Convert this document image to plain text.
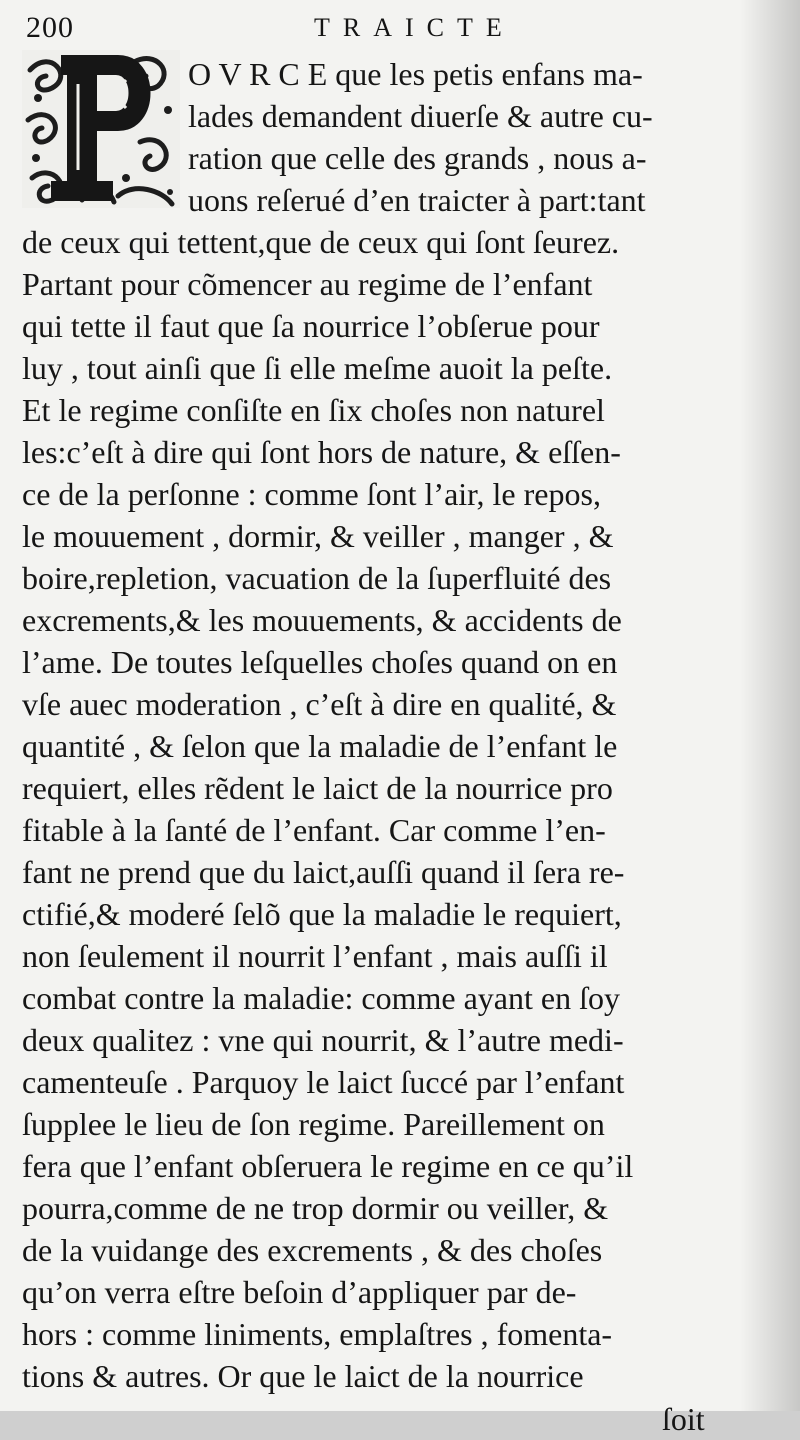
200	TRAICTE
O V R C E que les petis enfans ma-
lades demandent diuerſe & autre cu-
ration que celle des grands , nous a-
uons reſerué d’en traicter à part:tant
de ceux qui tettent,que de ceux qui ſont ſeurez.
Partant pour cõmencer au regime de l’enfant
qui tette il faut que ſa nourrice l’obſerue pour
luy , tout ainſi que ſi elle meſme auoit la peſte.
Et le regime conſiſte en ſix choſes non naturel
les:c’eſt à dire qui ſont hors de nature, & eſſen-
ce de la perſonne : comme ſont l’air, le repos,
le mouuement , dormir, & veiller , manger , &
boire,repletion, vacuation de la ſuperfluité des
excrements,& les mouuements, & accidents de
l’ame. De toutes leſquelles choſes quand on en
vſe auec moderation , c’eſt à dire en qualité, &
quantité , & ſelon que la maladie de l’enfant le
requiert, elles rẽdent le laict de la nourrice pro
fitable à la ſanté de l’enfant. Car comme l’en-
fant ne prend que du laict,auſſi quand il ſera re-
ctifié,& moderé ſelõ que la maladie le requiert,
non ſeulement il nourrit l’enfant , mais auſſi il
combat contre la maladie: comme ayant en ſoy
deux qualitez : vne qui nourrit, & l’autre medi-
camenteuſe . Parquoy le laict ſuccé par l’enfant
ſupplee le lieu de ſon regime. Pareillement on
fera que l’enfant obſeruera le regime en ce qu’il
pourra,comme de ne trop dormir ou veiller, &
de la vuidange des excrements , & des choſes
qu’on verra eſtre beſoin d’appliquer par de-
hors : comme liniments, emplaſtres , fomenta-
tions & autres. Or que le laict de la nourrice
ſoit
